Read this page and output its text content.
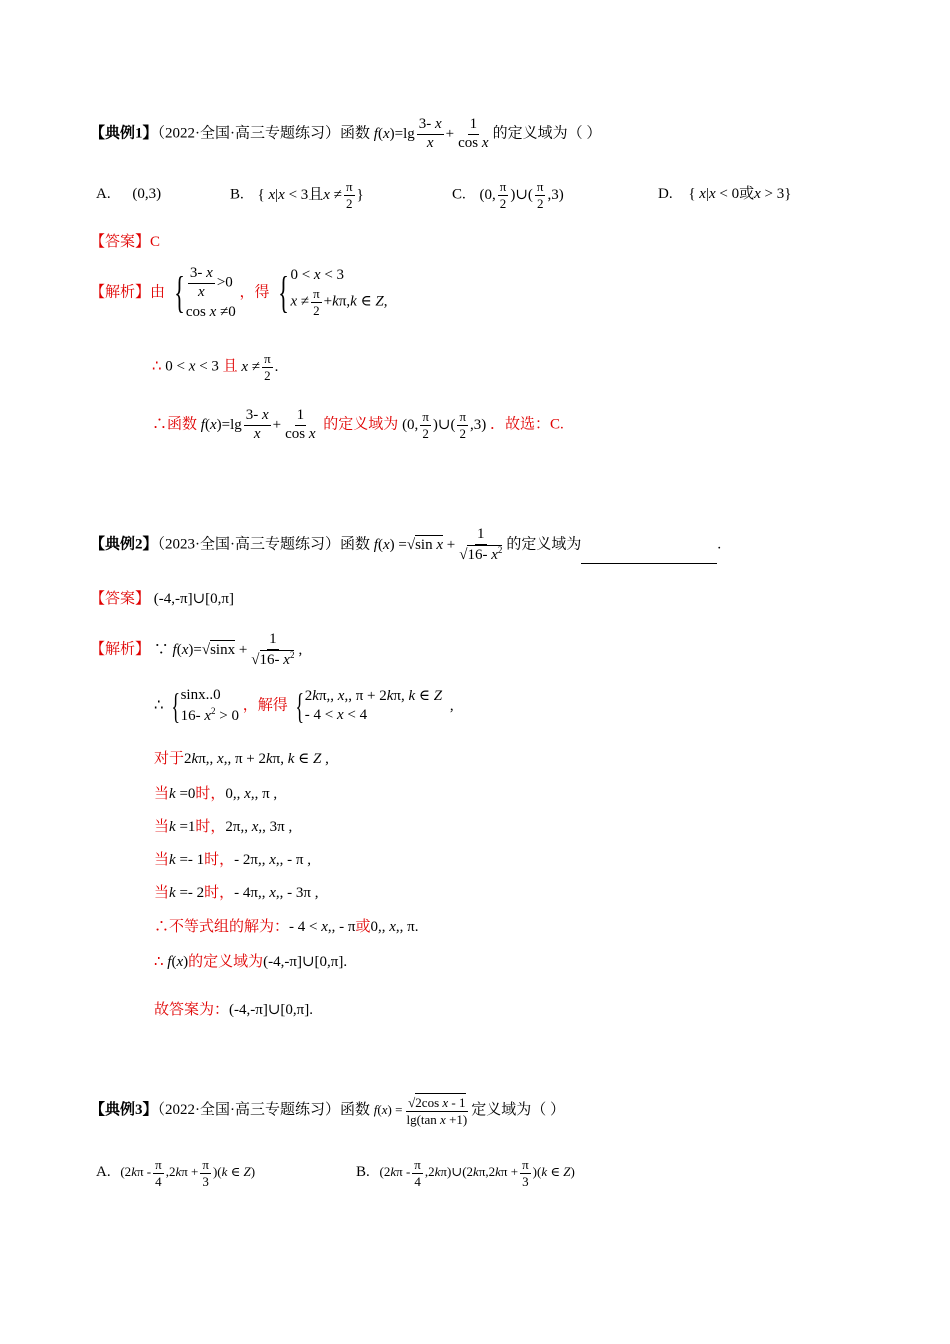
【典例1】（2022·全国·高三专题练习）函数 $f(x)=\lg \frac{3- x}{x} + \frac{1}{\text{cos x}}$ 的定义域为（ ）
A. (0,3)	B. { x|x < 3且$x \ne \frac{\pi}{2}$ }	C. (0, $\frac{\pi}{2}$ )∪( $\frac{\pi}{2} ,3$)	D. { x|x < 0或x > 3}
【答案】C
【解析】由 { $\frac{3- x}{x} >0$
cos x ≠0
，得 { 0 < x < 3
$x \ne \frac{\pi}{2} +k\pi,k$ ∈ Z,
∴ 0 < x < 3 且 $x \ne \frac{\pi}{2}$ .
∴函数 $f(x)=\lg \frac{3- x}{x} + \frac{1}{\text{cos x}}$ 的定义域为 (0, $\frac{\pi}{2}$ )∪( $\frac{\pi}{2} ,3$) ．故选：C.
【典例2】（2023·全国·高三专题练习）函数 f(x) =√sin $x + \frac{1}{√16- x^2}$ 的定义域为	.
【答案】 (-4,-π]∪[0,π]
【解析】 ∵ $f(x)=√\sin x + \frac{1}{√16- x^2}$ ,
∴ { sinx..0
16- $x^2 > 0$
，解得 { 2kπ,, x,, π + 2kπ, k ∈ Z
- 4 < x < 4
,
对于2kπ,, x,, π + 2kπ, k ∈ Z ,
当k =0时，0,, x,, π ,
当k =1时，2π,, x,, 3π ,
当k =- 1时，- 2π,, x,, - π ,
当k =- 2时，- 4π,, x,, - 3π ,
∴不等式组的解为：- 4 < x,, - π或0,, x,, π.
∴ f(x)的定义域为(-4,-π]∪[0,π].
故答案为：(-4,-π]∪[0,π].
【典例3】（2022·全国·高三专题练习）函数 $f(x) = \frac{\text{√2cos x - 1}}{\text{lg(tan x +1)}}$ 定义域为（ ）
A. $(2k\pi - \frac{\pi}{4} ,2k\pi + \frac{\pi}{3} )(k$ ∈ Z)	B. ($2k\pi - \frac{\pi}{4}$ ,2kπ)∪(2kπ,2kπ + $\frac{\pi}{3} )(k$ ∈ Z)
